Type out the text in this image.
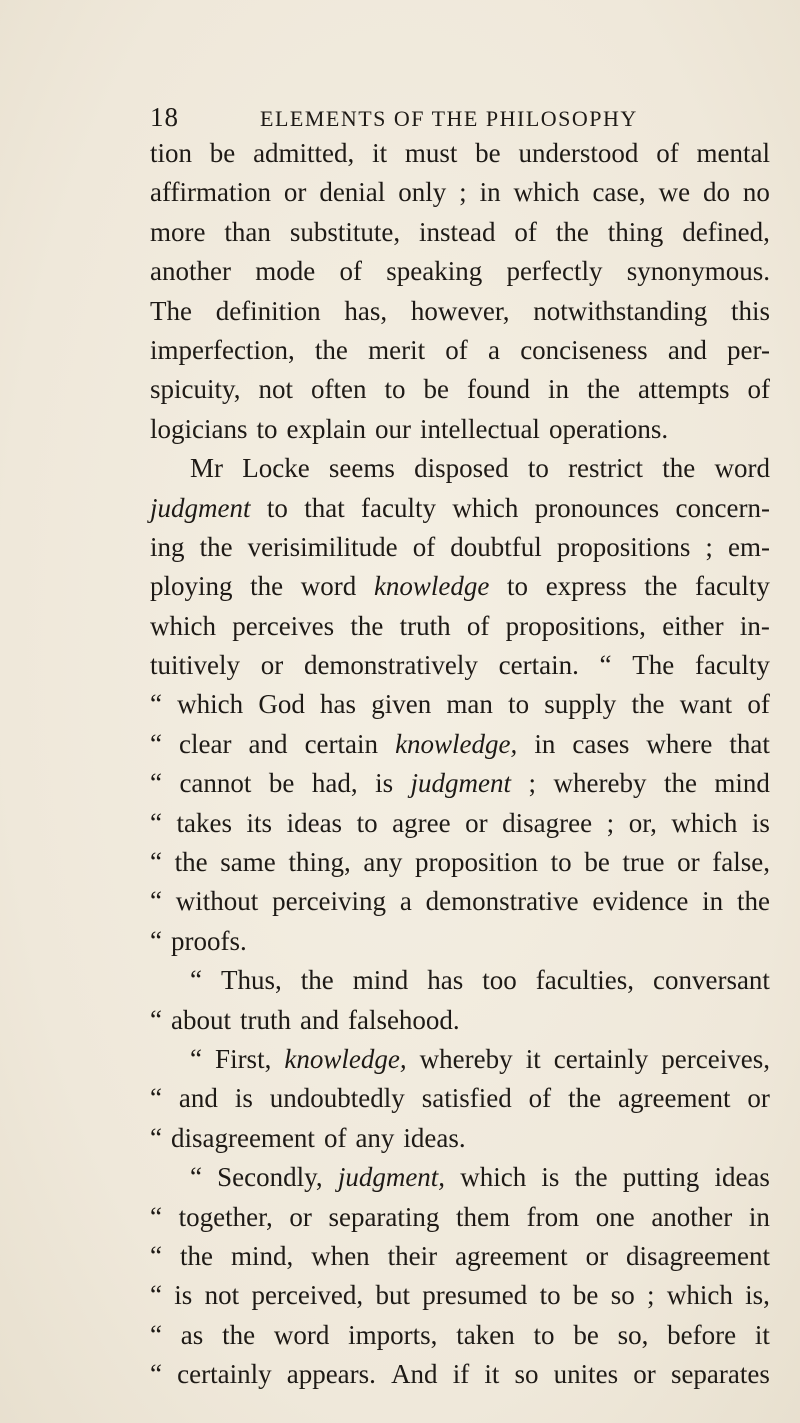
18	ELEMENTS OF THE PHILOSOPHY
tion be admitted, it must be understood of mental
affirmation or denial only ; in which case, we do no
more than substitute, instead of the thing defined,
another mode of speaking perfectly synonymous.
The definition has, however, notwithstanding this
imperfection, the merit of a conciseness and per-
spicuity, not often to be found in the attempts of
logicians to explain our intellectual operations.
Mr Locke seems disposed to restrict the word
judgment to that faculty which pronounces concern-
ing the verisimilitude of doubtful propositions ; em-
ploying the word knowledge to express the faculty
which perceives the truth of propositions, either in-
tuitively or demonstratively certain. “ The faculty
“ which God has given man to supply the want of
“ clear and certain knowledge, in cases where that
“ cannot be had, is judgment ; whereby the mind
“ takes its ideas to agree or disagree ; or, which is
“ the same thing, any proposition to be true or false,
“ without perceiving a demonstrative evidence in the
“ proofs.
“ Thus, the mind has too faculties, conversant
“ about truth and falsehood.
“ First, knowledge, whereby it certainly perceives,
“ and is undoubtedly satisfied of the agreement or
“ disagreement of any ideas.
“ Secondly, judgment, which is the putting ideas
“ together, or separating them from one another in
“ the mind, when their agreement or disagreement
“ is not perceived, but presumed to be so ; which is,
“ as the word imports, taken to be so, before it
“ certainly appears. And if it so unites or separates
